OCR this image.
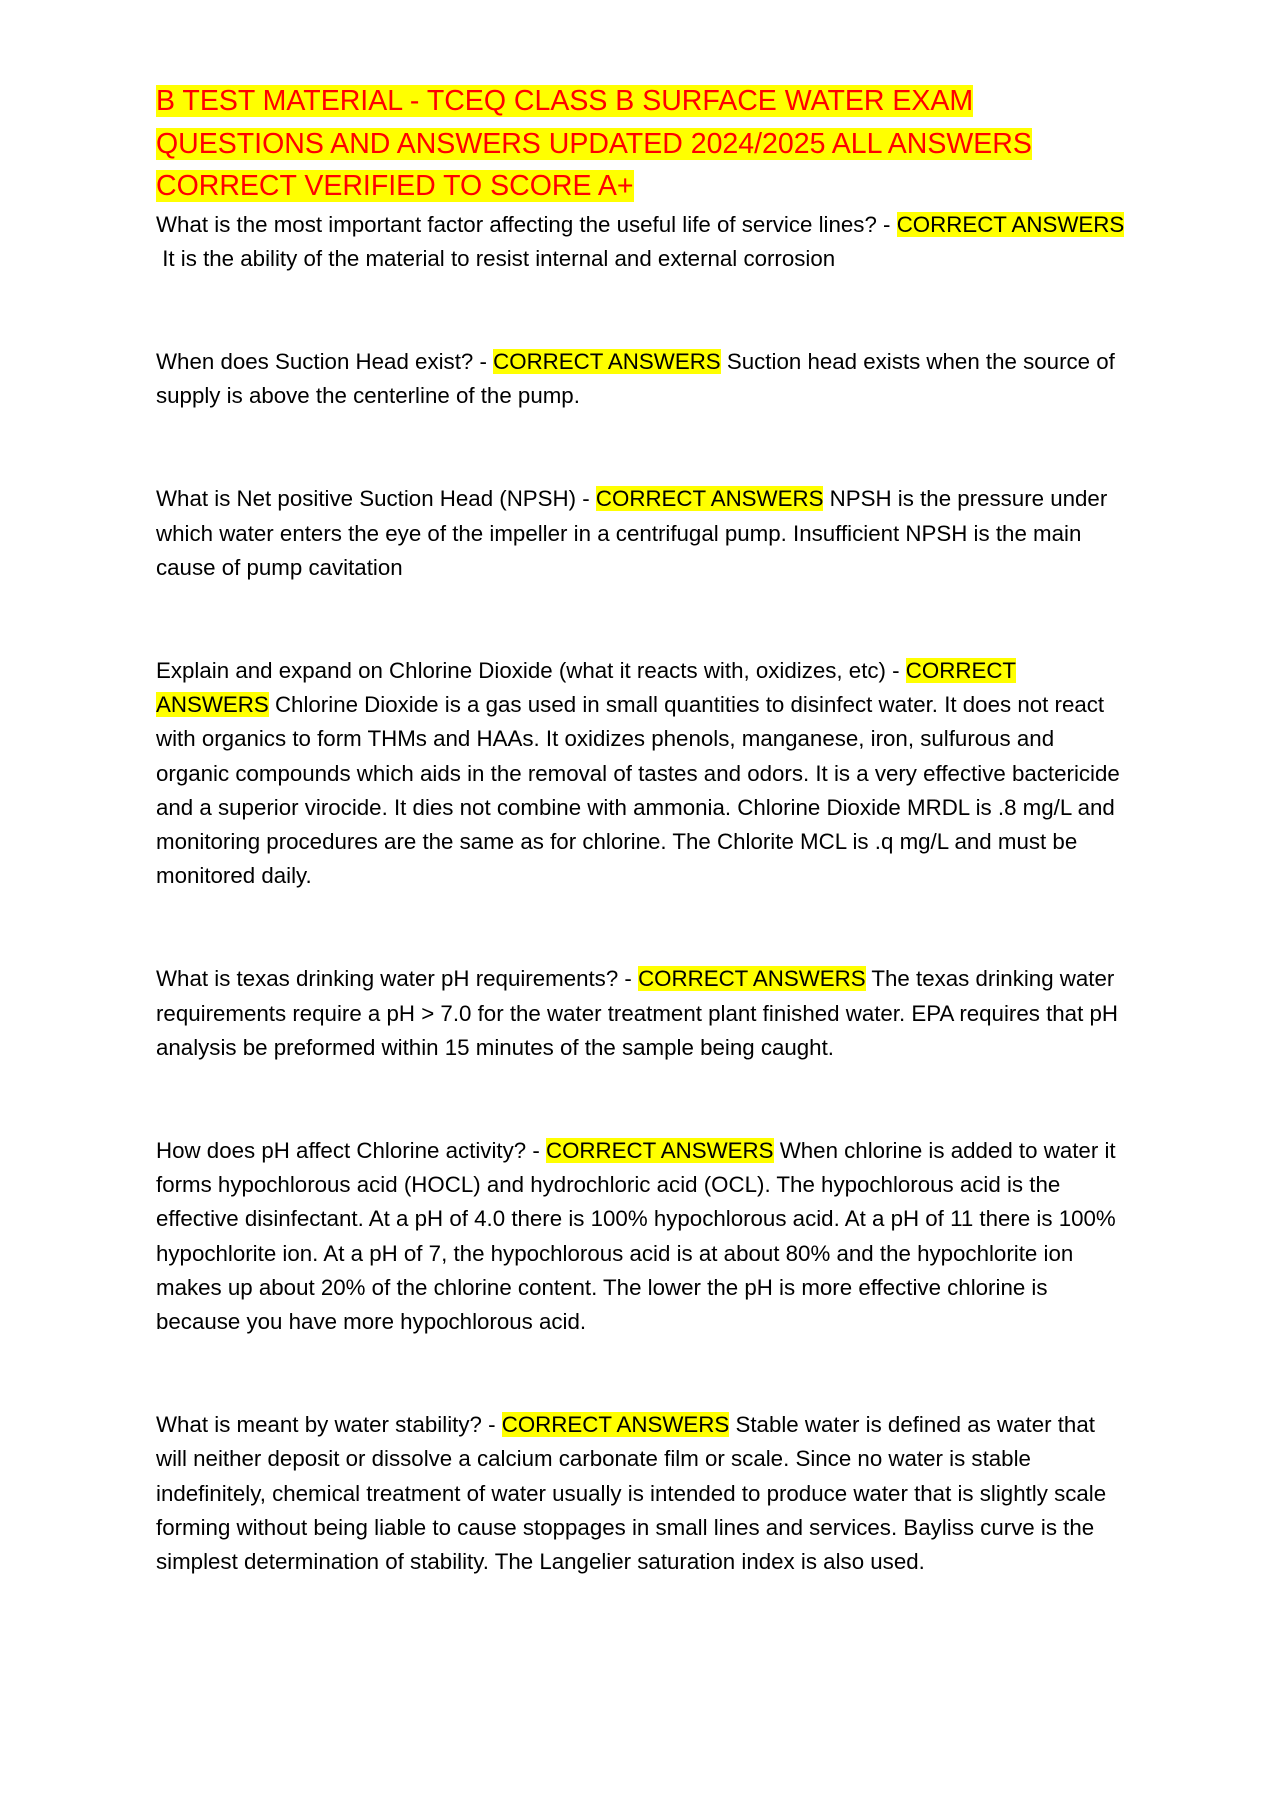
B TEST MATERIAL - TCEQ CLASS B SURFACE WATER EXAM QUESTIONS AND ANSWERS UPDATED 2024/2025 ALL ANSWERS CORRECT VERIFIED TO SCORE A+

What is the most important factor affecting the useful life of service lines? - CORRECT ANSWERS It is the ability of the material to resist internal and external corrosion

When does Suction Head exist? - CORRECT ANSWERS Suction head exists when the source of supply is above the centerline of the pump.

What is Net positive Suction Head (NPSH) - CORRECT ANSWERS NPSH is the pressure under which water enters the eye of the impeller in a centrifugal pump. Insufficient NPSH is the main cause of pump cavitation

Explain and expand on Chlorine Dioxide (what it reacts with, oxidizes, etc) - CORRECT ANSWERS Chlorine Dioxide is a gas used in small quantities to disinfect water. It does not react with organics to form THMs and HAAs. It oxidizes phenols, manganese, iron, sulfurous and organic compounds which aids in the removal of tastes and odors. It is a very effective bactericide and a superior virocide. It dies not combine with ammonia. Chlorine Dioxide MRDL is .8 mg/L and monitoring procedures are the same as for chlorine. The Chlorite MCL is .q mg/L and must be monitored daily.

What is texas drinking water pH requirements? - CORRECT ANSWERS The texas drinking water requirements require a pH > 7.0 for the water treatment plant finished water. EPA requires that pH analysis be preformed within 15 minutes of the sample being caught.

How does pH affect Chlorine activity? - CORRECT ANSWERS When chlorine is added to water it forms hypochlorous acid (HOCL) and hydrochloric acid (OCL). The hypochlorous acid is the effective disinfectant. At a pH of 4.0 there is 100% hypochlorous acid. At a pH of 11 there is 100% hypochlorite ion. At a pH of 7, the hypochlorous acid is at about 80% and the hypochlorite ion makes up about 20% of the chlorine content. The lower the pH is more effective chlorine is because you have more hypochlorous acid.

What is meant by water stability? - CORRECT ANSWERS Stable water is defined as water that will neither deposit or dissolve a calcium carbonate film or scale. Since no water is stable indefinitely, chemical treatment of water usually is intended to produce water that is slightly scale forming without being liable to cause stoppages in small lines and services. Bayliss curve is the simplest determination of stability. The Langelier saturation index is also used.
